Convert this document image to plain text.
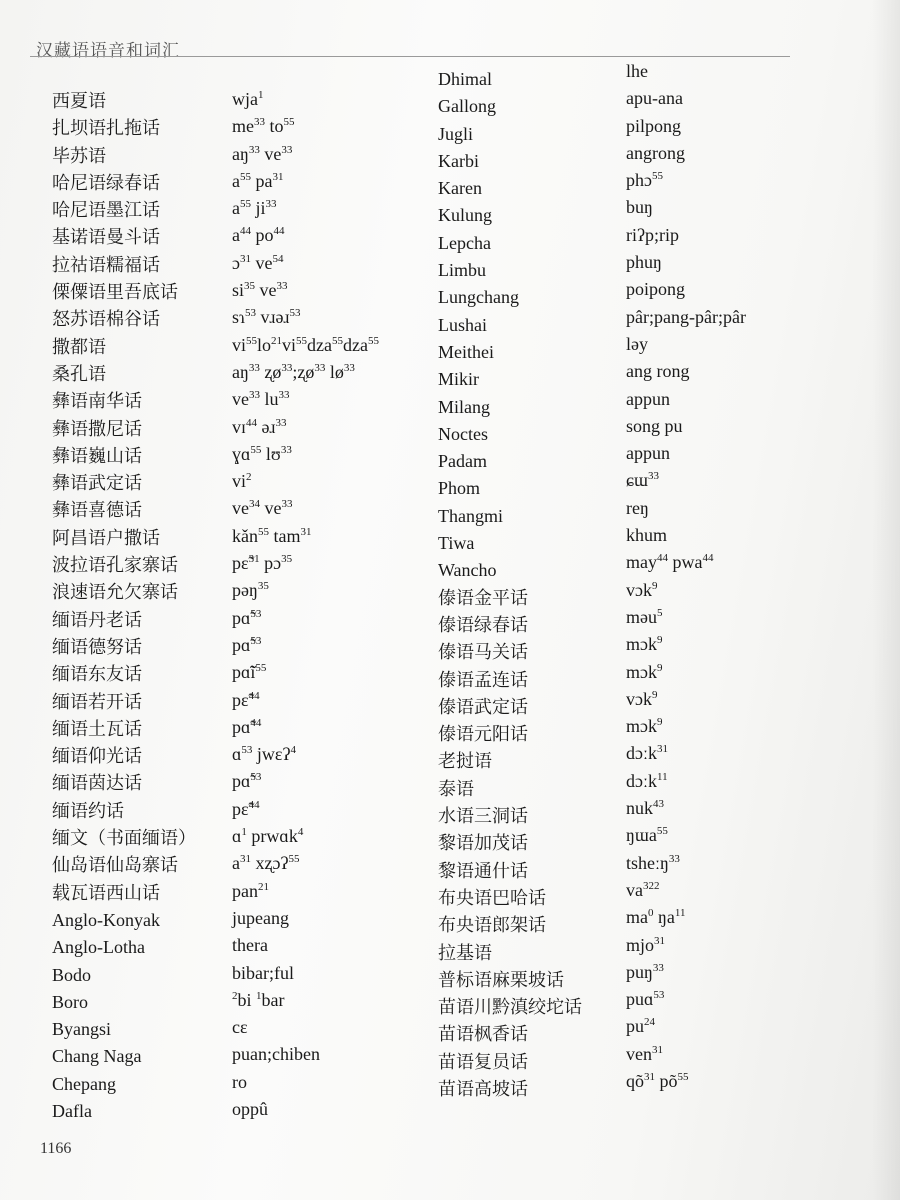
汉藏语语音和词汇
西夏语
扎坝语扎拖话
毕苏语
哈尼语绿春话
哈尼语墨江话
基诺语曼斗话
拉祜语糯福话
傈僳语里吾底话
怒苏语棉谷话
撒都语
桑孔语
彝语南华话
彝语撒尼话
彝语巍山话
彝语武定话
彝语喜德话
阿昌语户撒话
波拉语孔家寨话
浪速语允欠寨话
缅语丹老话
缅语德努话
缅语东友话
缅语若开话
缅语土瓦话
缅语仰光话
缅语茵达话
缅语约话
缅文（书面缅语）
仙岛语仙岛寨话
载瓦语西山话
Anglo-Konyak
Anglo-Lotha
Bodo
Boro
Byangsi
Chang Naga
Chepang
Dafla
wja$^1$
$me^{33}$ $to^{55}$
$aŋ^{33}$ $ve^{33}$
$a^{55}$ $pa^{31}$
$a^{55}$ $ji^{33}$
$a^{44}$ $po^{44}$
ɔ$^{31}$ $ve^{54}$
$si^{35}$ $ve^{33}$
sɿ$^{53}$ vɹəɹ$^{53}$
$vi^{55}lo^{21}vi^{55}dza^{55}dza^{55}$
$aŋ^{33}$ ʐø$^{33}$;ʐø$^{33}$ $lø^{33}$
$ve^{33}$ $lu^{33}$
vɪ$^{44}$ əɹ$^{33}$
ɣɑ$^{55}$ lʊ$^{33}$
$vi^2$
$ve^{34}$ $ve^{33}$
kǎn$^{55}$ tam$^{31}$
pɛ̃$^{31}$ pɔ$^{35}$
pəŋ$^{35}$
pɑ̃$^{53}$
pɑ̃$^{53}$
$pɑ̃ĩ^{55}$
pɛ̃$^{44}$
pɑ̃$^{44}$
ɑ$^{53}$ jwɛʔ$^4$
pɑ̃$^{53}$
pɛ̃$^{44}$
ɑ$^1$ prwɑk$^4$
$a^{31}$ xʐɔʔ$^{55}$
pan$^{21}$
jupeang
thera
bibar;ful
$^2$bi $^1$bar
cɛ
puan;chiben
ro
oppû
Dhimal
Gallong
Jugli
Karbi
Karen
Kulung
Lepcha
Limbu
Lungchang
Lushai
Meithei
Mikir
Milang
Noctes
Padam
Phom
Thangmi
Tiwa
Wancho
傣语金平话
傣语绿春话
傣语马关话
傣语孟连话
傣语武定话
傣语元阳话
老挝语
泰语
水语三洞话
黎语加茂话
黎语通什话
布央语巴哈话
布央语郎架话
拉基语
普标语麻栗坡话
苗语川黔滇绞坨话
苗语枫香话
苗语复员话
苗语高坡话
lhe
apu-ana
pilpong
angrong
phɔ$^{55}$
buŋ
riʔp;rip
phuŋ
poipong
pâr;pang-pâr;pâr
ləy
ang rong
appun
song pu
appun
ɕɯ$^{33}$
reŋ
khum
may$^{44}$ pwa$^{44}$
vɔk$^9$
məu$^5$
mɔk$^9$
mɔk$^9$
vɔk$^9$
mɔk$^9$
dɔːk$^{31}$
dɔːk$^{11}$
nuk$^{43}$
ŋɯa$^{55}$
tsheːŋ$^{33}$
$va^{322}$
$ma^0$ $ŋa^{11}$
mjo$^{31}$
puŋ$^{33}$
puɑ$^{53}$
$pu^{24}$
ven$^{31}$
$qõ^{31}$ $põ^{55}$
1166
